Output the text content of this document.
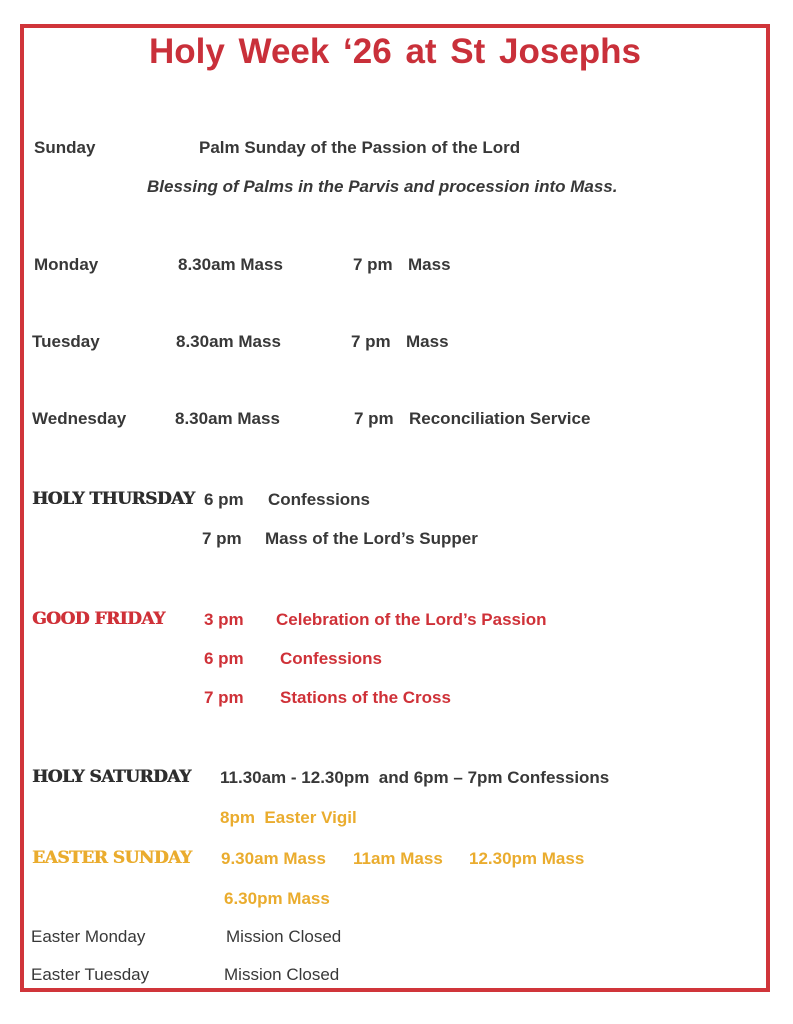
Holy Week ‘26 at St Josephs
Sunday	Palm Sunday of the Passion of the Lord
Blessing of Palms in the Parvis and procession into Mass.
Monday	8.30am Mass	7 pm Mass
Tuesday	8.30am Mass	7 pm Mass
Wednesday	8.30am Mass	7 pm Reconciliation Service
HOLY THURSDAY 6 pm Confessions
7 pm Mass of the Lord’s Supper
GOOD FRIDAY 3 pm Celebration of the Lord’s Passion
6 pm Confessions
7 pm Stations of the Cross
HOLY SATURDAY 11.30am - 12.30pm  and 6pm – 7pm Confessions
8pm  Easter Vigil
EASTER SUNDAY 9.30am Mass 11am Mass 12.30pm Mass
6.30pm Mass
Easter Monday	Mission Closed
Easter Tuesday	Mission Closed
